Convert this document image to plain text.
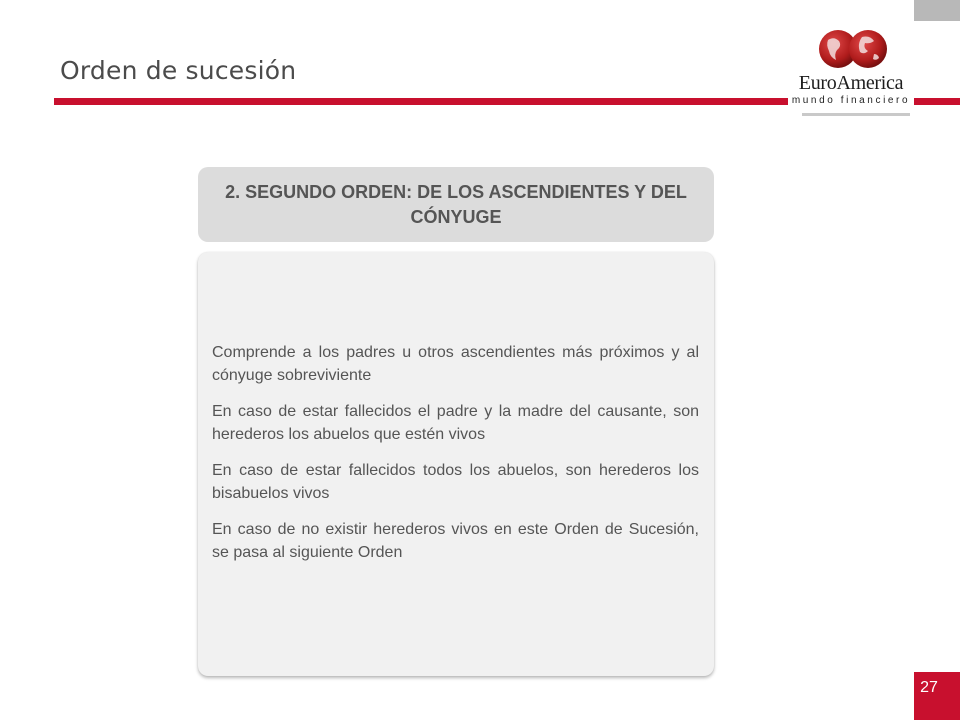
Orden de sucesión	EuroAmerica
mundo financiero
2. SEGUNDO ORDEN: DE LOS ASCENDIENTES Y DEL CÓNYUGE
Comprende a los padres u otros ascendientes más próximos y al cónyuge sobreviviente
En caso de estar fallecidos el padre y la madre del causante, son herederos los abuelos que estén vivos
En caso de estar fallecidos todos los abuelos, son herederos los bisabuelos vivos
En caso de no existir herederos vivos en este Orden de Sucesión, se pasa al siguiente Orden
27
